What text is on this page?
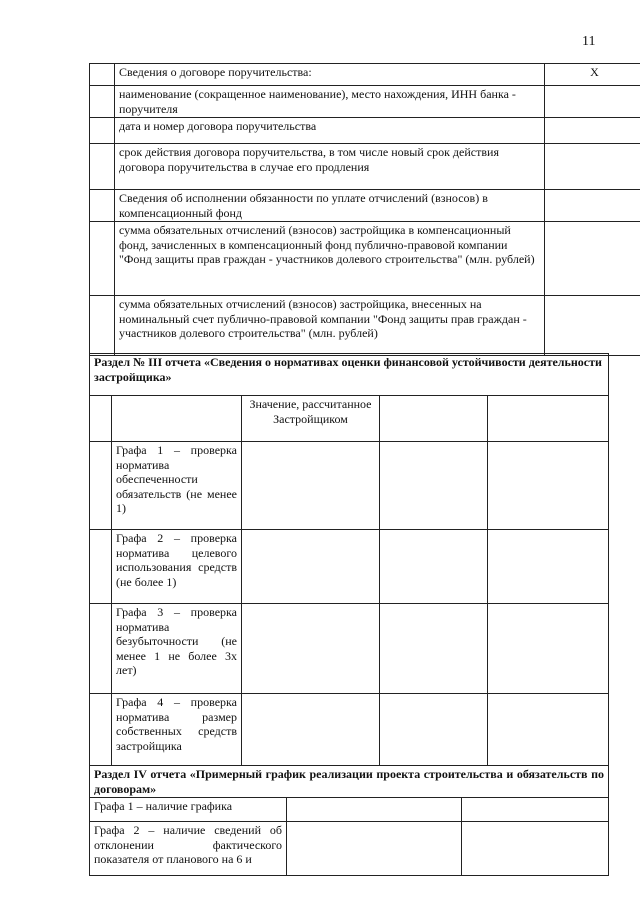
11
	Сведения о договоре поручительства:	X	
	наименование (сокращенное наименование), место нахождения, ИНН банка - поручителя		
	дата и номер договора поручительства		
	срок действия договора поручительства, в том числе новый срок действия договора поручительства в случае его продления		
	Сведения об исполнении обязанности по уплате отчислений (взносов) в компенсационный фонд		
	сумма обязательных отчислений (взносов) застройщика в компенсационный фонд, зачисленных в компенсационный фонд публично-правовой компании "Фонд защиты прав граждан - участников долевого строительства" (млн. рублей)		
	сумма обязательных отчислений (взносов) застройщика, внесенных на номинальный счет публично-правовой компании "Фонд защиты прав граждан - участников долевого строительства" (млн. рублей)		
Раздел № III отчета «Сведения о нормативах оценки финансовой устойчивости деятельности застройщика»				
		Значение, рассчитанное Застройщиком		
	Графа 1 – проверка норматива обеспеченности обязательств (не менее 1)			
	Графа 2 – проверка норматива целевого использования средств (не более 1)			
	Графа 3 – проверка норматива безубыточности (не менее 1 не более 3х лет)			
	Графа 4 – проверка норматива размер собственных средств застройщика			
Раздел IV отчета «Примерный график реализации проекта строительства и обязательств по договорам»		
Графа 1 – наличие графика		
Графа 2 – наличие сведений об отклонении фактического показателя от планового на 6 и		
